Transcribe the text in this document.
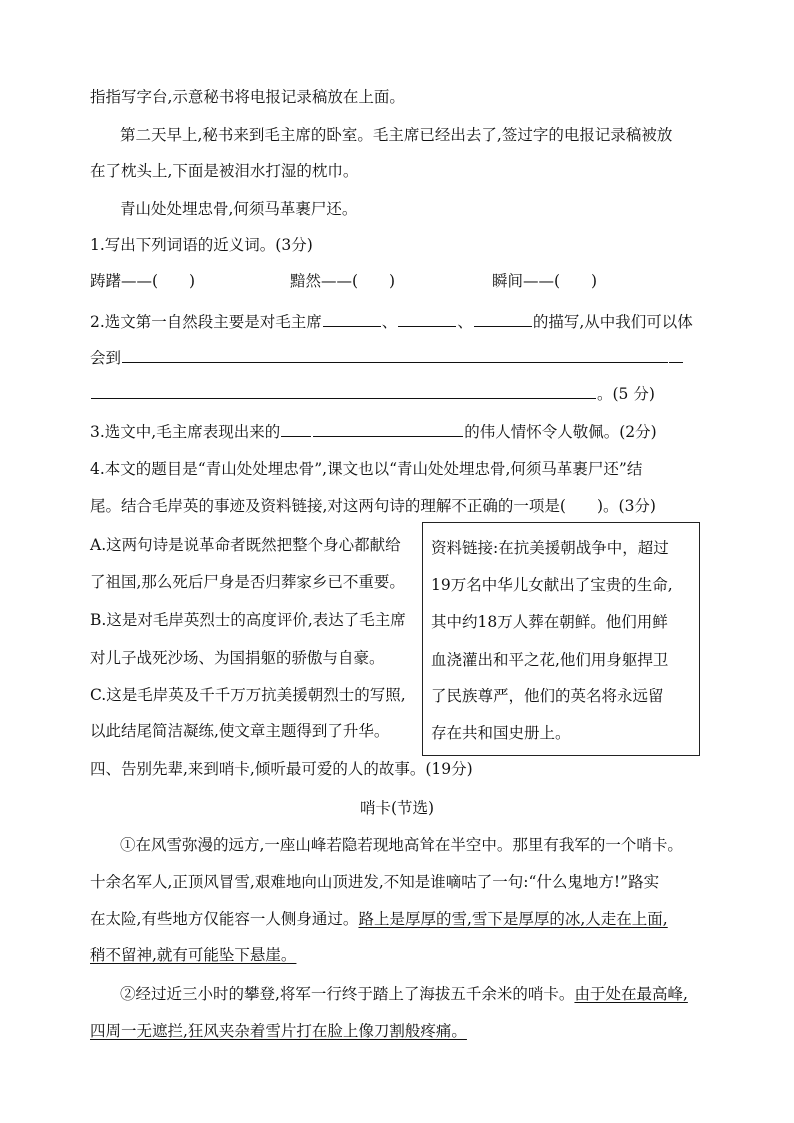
指指写字台,示意秘书将电报记录稿放在上面。
第二天早上,秘书来到毛主席的卧室。毛主席已经出去了,签过字的电报记录稿被放
在了枕头上,下面是被泪水打湿的枕巾。
青山处处埋忠骨,何须马革裹尸还。
1.写出下列词语的近义词。(3分)
踌躇——(　　)	黯然——(　　)	瞬间——(　　)
2.选文第一自然段主要是对毛主席	、	、	的描写,从中我们可以体
会到
。(5 分)
3.选文中,毛主席表现出来的	的伟人情怀令人敬佩。(2分)
4.本文的题目是“青山处处埋忠骨”,课文也以“青山处处埋忠骨,何须马革裹尸还”结
尾。结合毛岸英的事迹及资料链接,对这两句诗的理解不正确的一项是(　　)。(3分)
A.这两句诗是说革命者既然把整个身心都献给
了祖国,那么死后尸身是否归葬家乡已不重要。
B.这是对毛岸英烈士的高度评价,表达了毛主席
对儿子战死沙场、为国捐躯的骄傲与自豪。
C.这是毛岸英及千千万万抗美援朝烈士的写照,
以此结尾简洁凝练,使文章主题得到了升华。
资料链接:在抗美援朝战争中，超过
19万名中华儿女献出了宝贵的生命,
其中约18万人葬在朝鲜。他们用鲜
血浇灌出和平之花,他们用身躯捍卫
了民族尊严，他们的英名将永远留
存在共和国史册上。
四、告别先辈,来到哨卡,倾听最可爱的人的故事。(19分)
哨卡(节选)
①在风雪弥漫的远方,一座山峰若隐若现地高耸在半空中。那里有我军的一个哨卡。
十余名军人,正顶风冒雪,艰难地向山顶进发,不知是谁嘀咕了一句:“什么鬼地方!”路实
在太险,有些地方仅能容一人侧身通过。路上是厚厚的雪,雪下是厚厚的冰,人走在上面,
稍不留神,就有可能坠下悬崖。
②经过近三小时的攀登,将军一行终于踏上了海拔五千余米的哨卡。由于处在最高峰,
四周一无遮拦,狂风夹杂着雪片打在脸上像刀割般疼痛。
